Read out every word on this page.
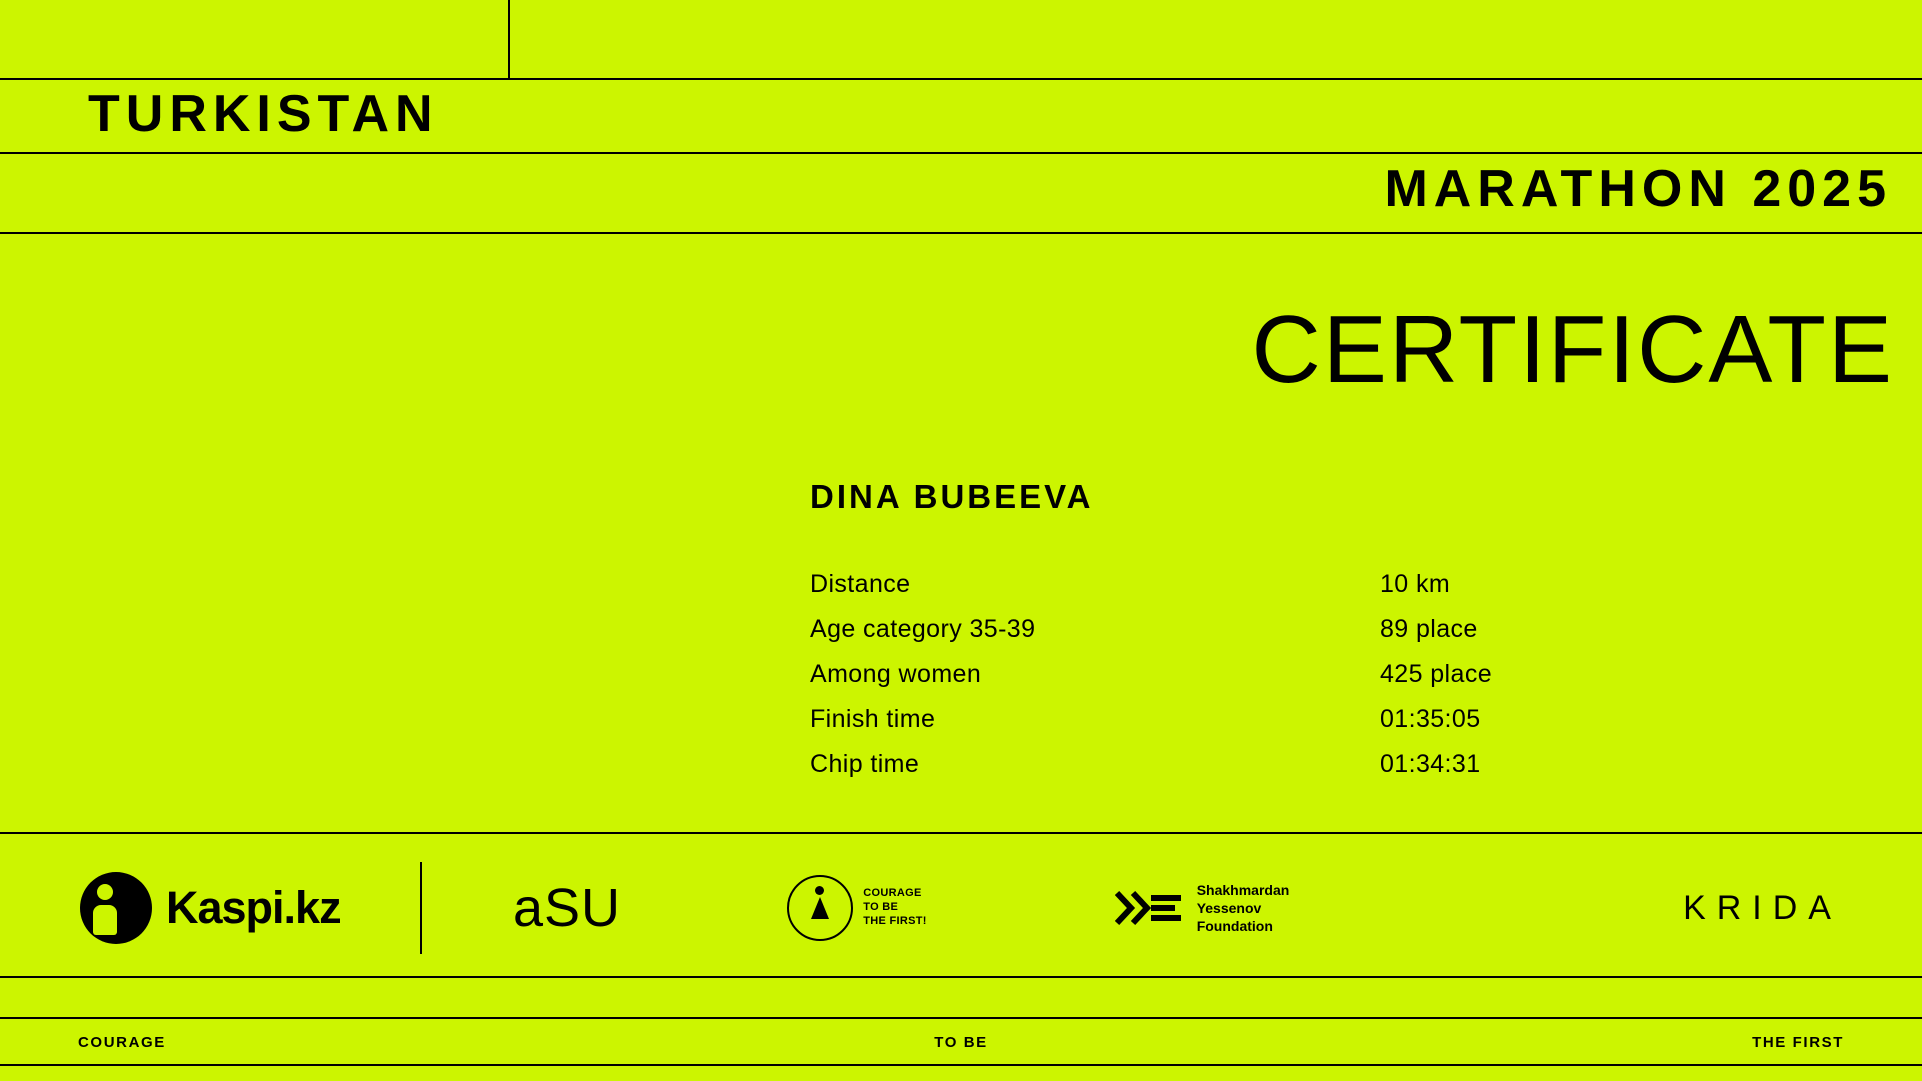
TURKISTAN
MARATHON 2025
CERTIFICATE
DINA BUBEEVA
Distance	10 km
Age category 35-39	89 place
Among women	425 place
Finish time	01:35:05
Chip time	01:34:31
Kaspi.kz	aSU	COURAGE
TO BE
THE FIRST!
Shakhmardan
Yessenov
Foundation	KRIDA
COURAGE	TO BE	THE FIRST
